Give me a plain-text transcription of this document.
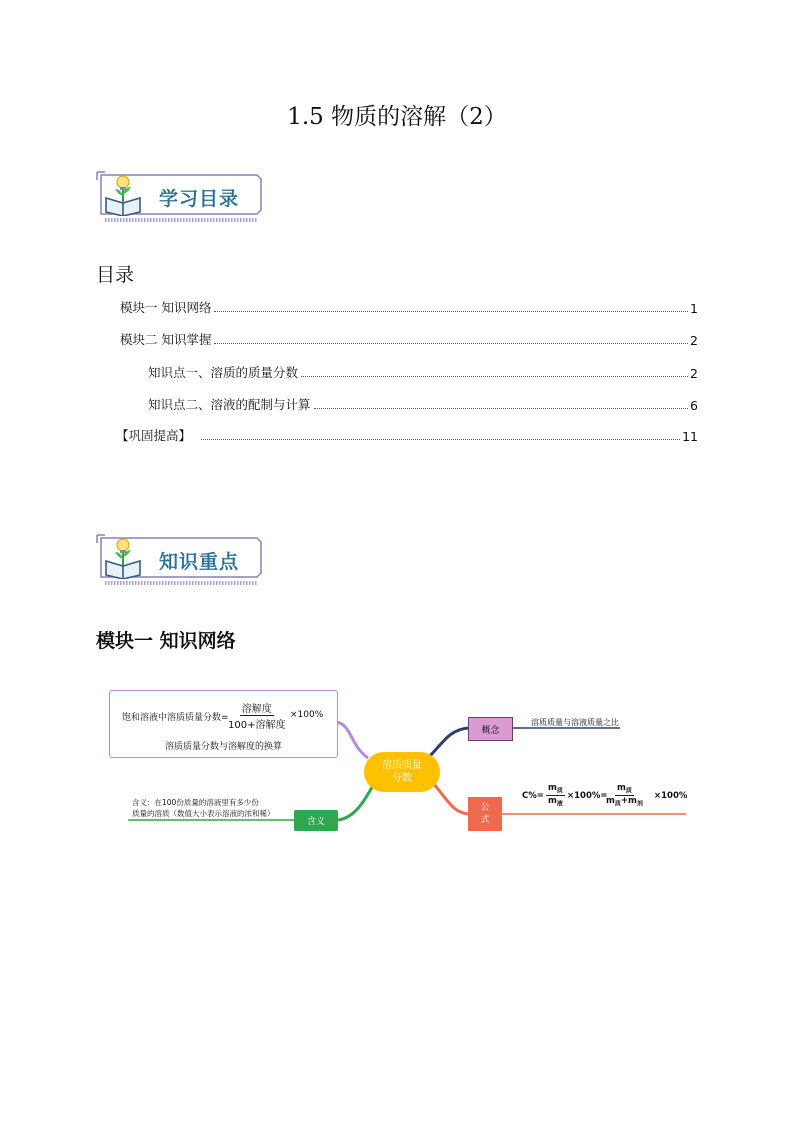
1.5 物质的溶解（2）
学习目录
目录
模块一 知识网络	1
模块二 知识掌握	2
知识点一、溶质的质量分数	2
知识点二、溶液的配制与计算	6
【巩固提高】	11
知识重点
模块一 知识网络
饱和溶液中溶质质量分数=
溶解度
100+溶解度
×100%
溶质质量分数与溶解度的换算
溶质质量
分数
概念
溶质质量与溶液质量之比
含义
含义：在100份质量的溶液里有多少份
质量的溶质（数值大小表示溶液的浓和稀）
公
式
C%=
$m_质$
$m_液$
×100%=
$m_质$
$m_质+m_剂$
×100%
